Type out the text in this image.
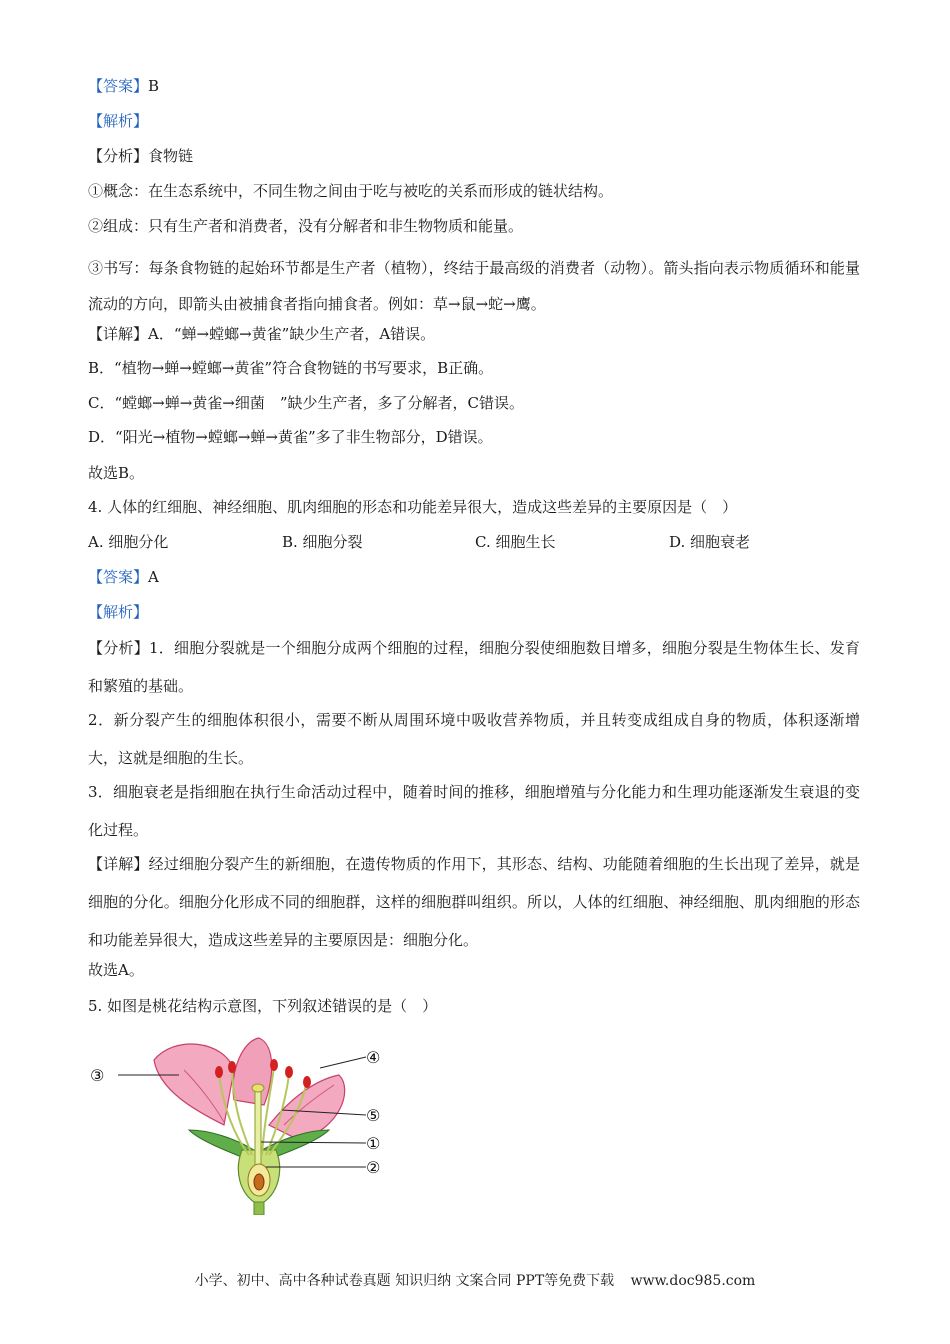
【答案】B
【解析】
【分析】食物链
①概念：在生态系统中，不同生物之间由于吃与被吃的关系而形成的链状结构。
②组成：只有生产者和消费者，没有分解者和非生物物质和能量。
③书写：每条食物链的起始环节都是生产者（植物），终结于最高级的消费者（动物）。箭头指向表示物质循环和能量流动的方向，即箭头由被捕食者指向捕食者。例如：草→鼠→蛇→鹰。
【详解】A．“蝉→螳螂→黄雀”缺少生产者，A错误。
B．“植物→蝉→螳螂→黄雀”符合食物链的书写要求，B正确。
C．“螳螂→蝉→黄雀→细菌　”缺少生产者，多了分解者，C错误。
D．“阳光→植物→螳螂→蝉→黄雀”多了非生物部分，D错误。
故选B。
4. 人体的红细胞、神经细胞、肌肉细胞的形态和功能差异很大，造成这些差异的主要原因是（　）
A. 细胞分化	B. 细胞分裂	C. 细胞生长	D. 细胞衰老
【答案】A
【解析】
【分析】1．细胞分裂就是一个细胞分成两个细胞的过程，细胞分裂使细胞数目增多，细胞分裂是生物体生长、发育和繁殖的基础。
2．新分裂产生的细胞体积很小，需要不断从周围环境中吸收营养物质，并且转变成组成自身的物质，体积逐渐增大，这就是细胞的生长。
3．细胞衰老是指细胞在执行生命活动过程中，随着时间的推移，细胞增殖与分化能力和生理功能逐渐发生衰退的变化过程。
【详解】经过细胞分裂产生的新细胞，在遗传物质的作用下，其形态、结构、功能随着细胞的生长出现了差异，就是细胞的分化。细胞分化形成不同的细胞群，这样的细胞群叫组织。所以，人体的红细胞、神经细胞、肌肉细胞的形态和功能差异很大，造成这些差异的主要原因是：细胞分化。
故选A。
5. 如图是桃花结构示意图，下列叙述错误的是（　）
③
④
⑤
①
②
小学、初中、高中各种试卷真题 知识归纳 文案合同 PPT等免费下载 www.doc985.com
